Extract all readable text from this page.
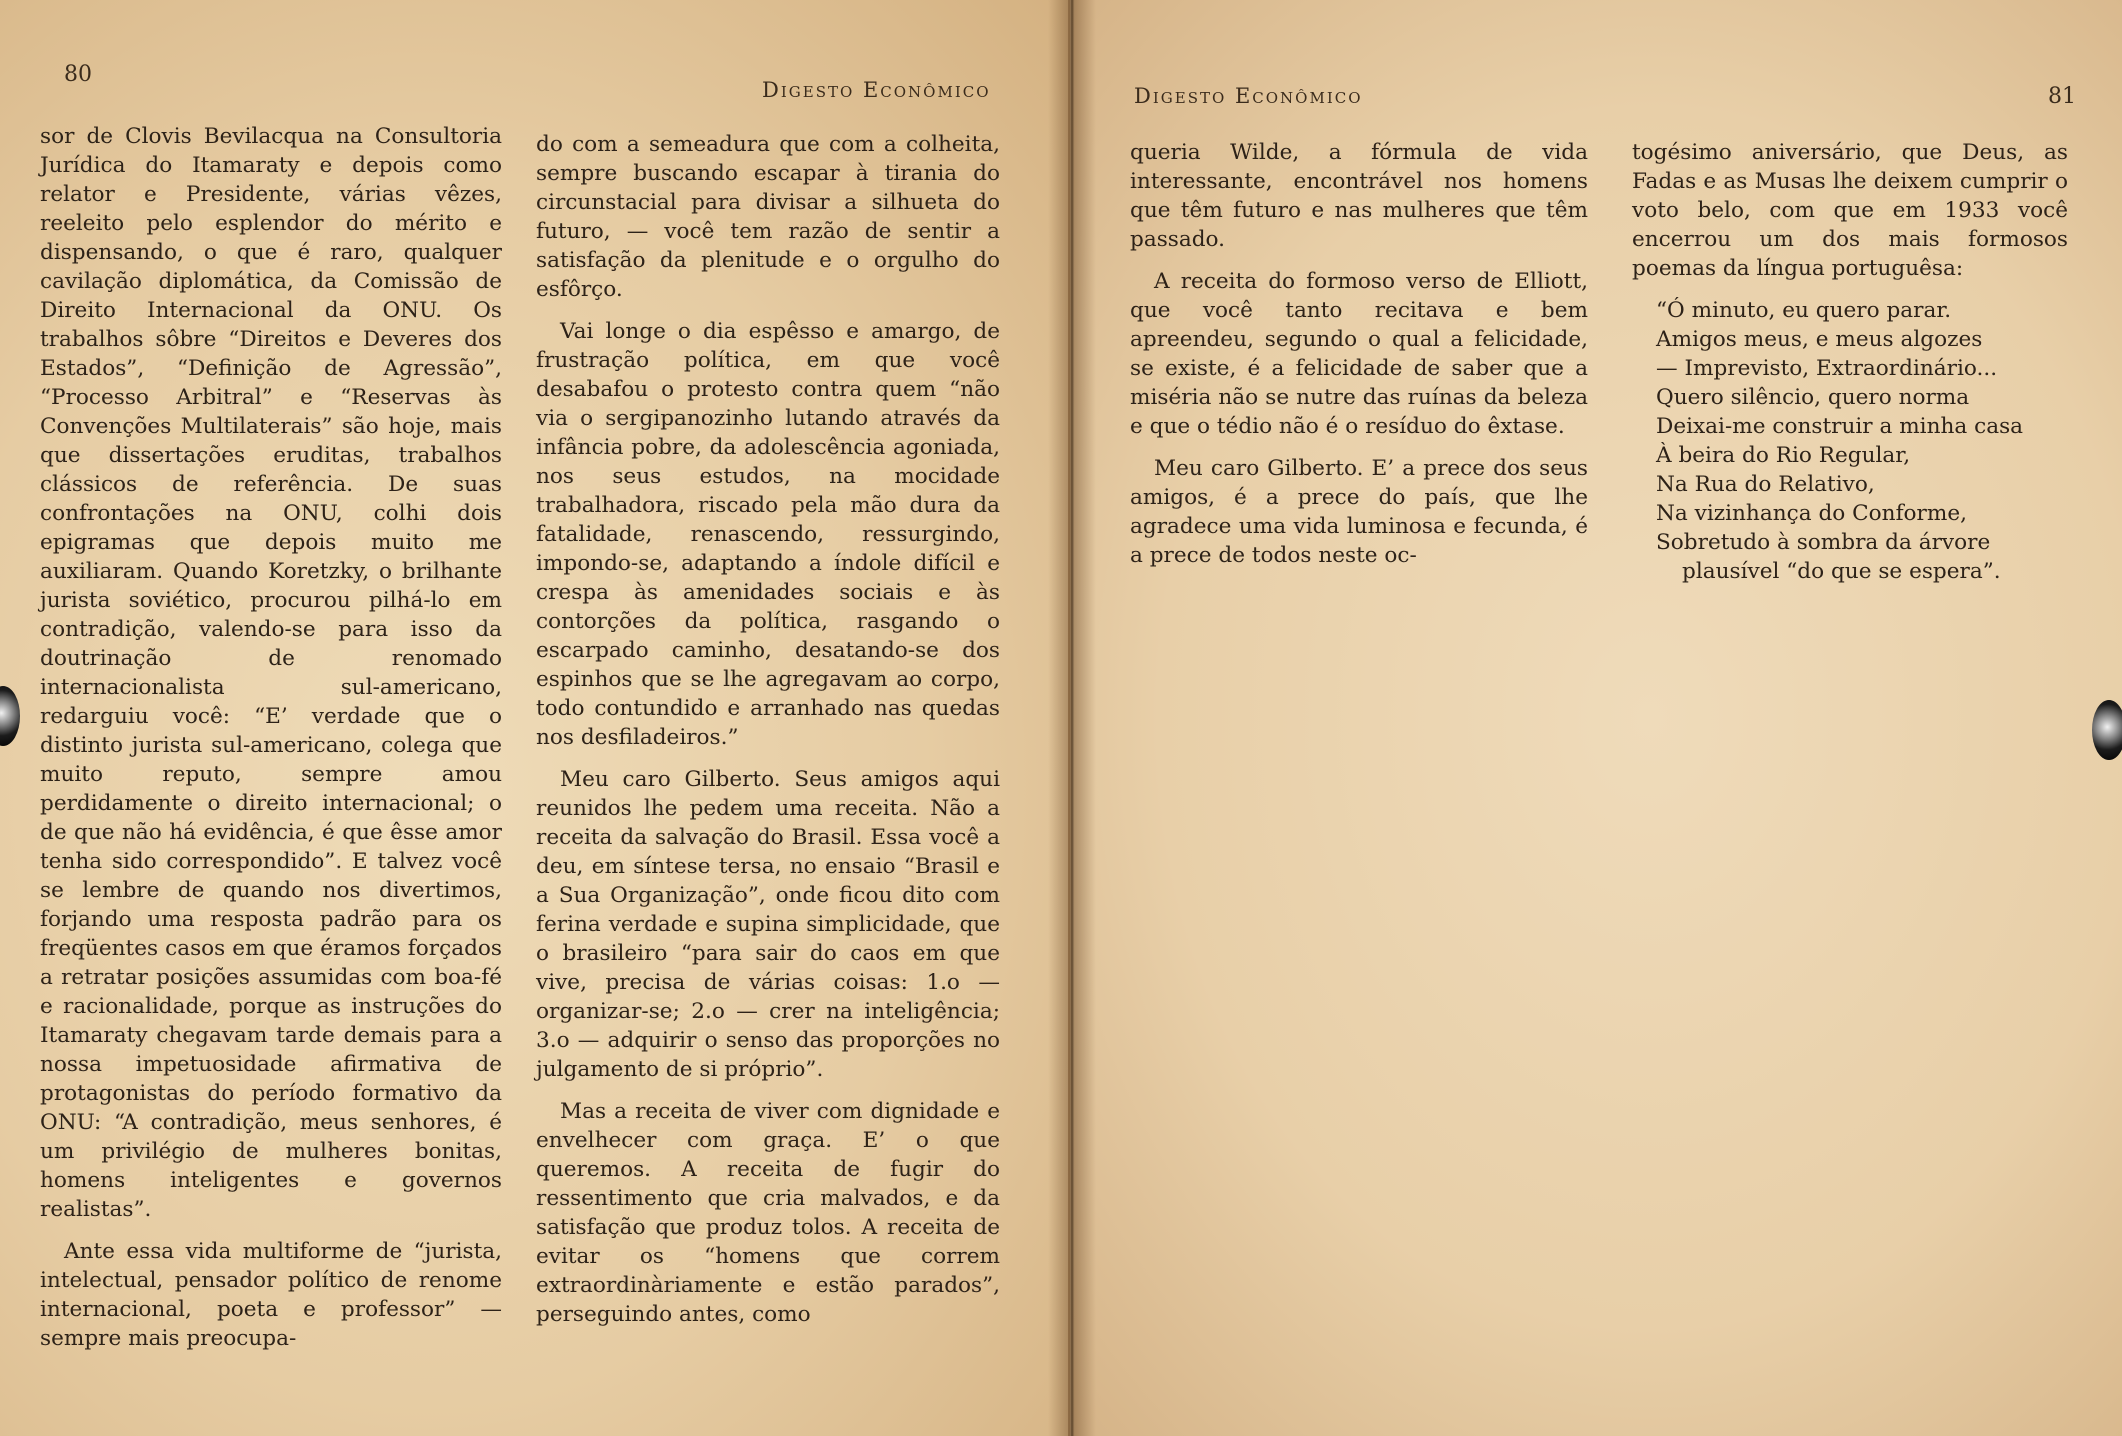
80
Digesto Econômico

sor de Clovis Bevilacqua na Consultoria Jurídica do Itamaraty e depois como relator e Presidente, várias vêzes, reeleito pelo esplendor do mérito e dispensando, o que é raro, qualquer cavilação diplomática, da Comissão de Direito Internacional da ONU. Os trabalhos sôbre “Direitos e Deveres dos Estados”, “Definição de Agressão”, “Processo Arbitral” e “Reservas às Convenções Multilaterais” são hoje, mais que dissertações eruditas, trabalhos clássicos de referência. De suas confrontações na ONU, colhi dois epigramas que depois muito me auxiliaram. Quando Koretzky, o brilhante jurista soviético, procurou pilhá-lo em contradição, valendo-se para isso da doutrinação de renomado internacionalista sul-americano, redarguiu você: “E’ verdade que o distinto jurista sul-americano, colega que muito reputo, sempre amou perdidamente o direito internacional; o de que não há evidência, é que êsse amor tenha sido correspondido”. E talvez você se lembre de quando nos divertimos, forjando uma resposta padrão para os freqüentes casos em que éramos forçados a retratar posições assumidas com boa-fé e racionalidade, porque as instruções do Itamaraty chegavam tarde demais para a nossa impetuosidade afirmativa de protagonistas do período formativo da ONU: “A contradição, meus senhores, é um privilégio de mulheres bonitas, homens inteligentes e governos realistas”.

Ante essa vida multiforme de “jurista, intelectual, pensador político de renome internacional, poeta e professor” — sempre mais preocupa-

do com a semeadura que com a colheita, sempre buscando escapar à tirania do circunstacial para divisar a silhueta do futuro, — você tem razão de sentir a satisfação da plenitude e o orgulho do esfôrço.

Vai longe o dia espêsso e amargo, de frustração política, em que você desabafou o protesto contra quem “não via o sergipanozinho lutando através da infância pobre, da adolescência agoniada, nos seus estudos, na mocidade trabalhadora, riscado pela mão dura da fatalidade, renascendo, ressurgindo, impondo-se, adaptando a índole difícil e crespa às amenidades sociais e às contorções da política, rasgando o escarpado caminho, desatando-se dos espinhos que se lhe agregavam ao corpo, todo contundido e arranhado nas quedas nos desfiladeiros.”

Meu caro Gilberto. Seus amigos aqui reunidos lhe pedem uma receita. Não a receita da salvação do Brasil. Essa você a deu, em síntese tersa, no ensaio “Brasil e a Sua Organização”, onde ficou dito com ferina verdade e supina simplicidade, que o brasileiro “para sair do caos em que vive, precisa de várias coisas: 1.o — organizar-se; 2.o — crer na inteligência; 3.o — adquirir o senso das proporções no julgamento de si próprio”.

Mas a receita de viver com dignidade e envelhecer com graça. E’ o que queremos. A receita de fugir do ressentimento que cria malvados, e da satisfação que produz tolos. A receita de evitar os “homens que correm extraordinàriamente e estão parados”, perseguindo antes, como

Digesto Econômico	81

queria Wilde, a fórmula de vida interessante, encontrável nos homens que têm futuro e nas mulheres que têm passado.

A receita do formoso verso de Elliott, que você tanto recitava e bem apreendeu, segundo o qual a felicidade, se existe, é a felicidade de saber que a miséria não se nutre das ruínas da beleza e que o tédio não é o resíduo do êxtase.

Meu caro Gilberto. E’ a prece dos seus amigos, é a prece do país, que lhe agradece uma vida luminosa e fecunda, é a prece de todos neste oc-

togésimo aniversário, que Deus, as Fadas e as Musas lhe deixem cumprir o voto belo, com que em 1933 você encerrou um dos mais formosos poemas da língua portuguêsa:

“Ó minuto, eu quero parar.
Amigos meus, e meus algozes
— Imprevisto, Extraordinário...
Quero silêncio, quero norma
Deixai-me construir a minha casa
À beira do Rio Regular,
Na Rua do Relativo,
Na vizinhança do Conforme,
Sobretudo à sombra da árvore
plausível “do que se espera”.
